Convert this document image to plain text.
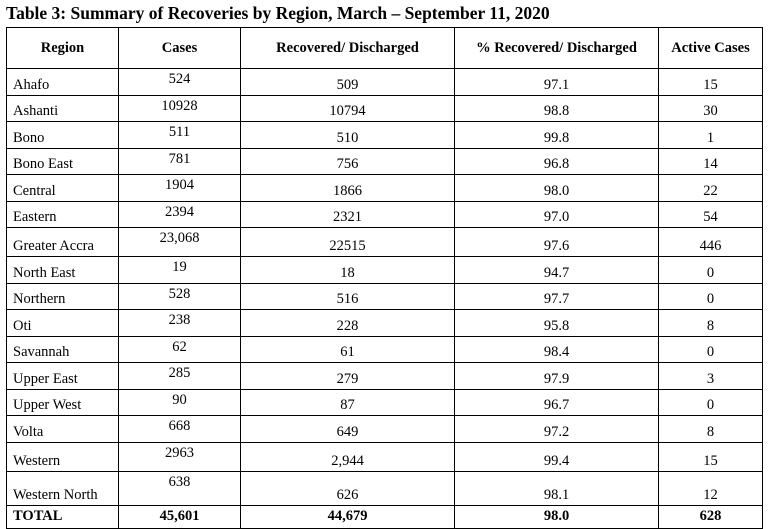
Table 3: Summary of Recoveries by Region, March – September 11, 2020
Region	Cases	Recovered/ Discharged	% Recovered/ Discharged	Active Cases
Ahafo	524	509	97.1	15
Ashanti	10928	10794	98.8	30
Bono	511	510	99.8	1
Bono East	781	756	96.8	14
Central	1904	1866	98.0	22
Eastern	2394	2321	97.0	54
Greater Accra	23,068	22515	97.6	446
North East	19	18	94.7	0
Northern	528	516	97.7	0
Oti	238	228	95.8	8
Savannah	62	61	98.4	0
Upper East	285	279	97.9	3
Upper West	90	87	96.7	0
Volta	668	649	97.2	8
Western	2963	2,944	99.4	15
Western North	638	626	98.1	12
TOTAL	45,601	44,679	98.0	628
